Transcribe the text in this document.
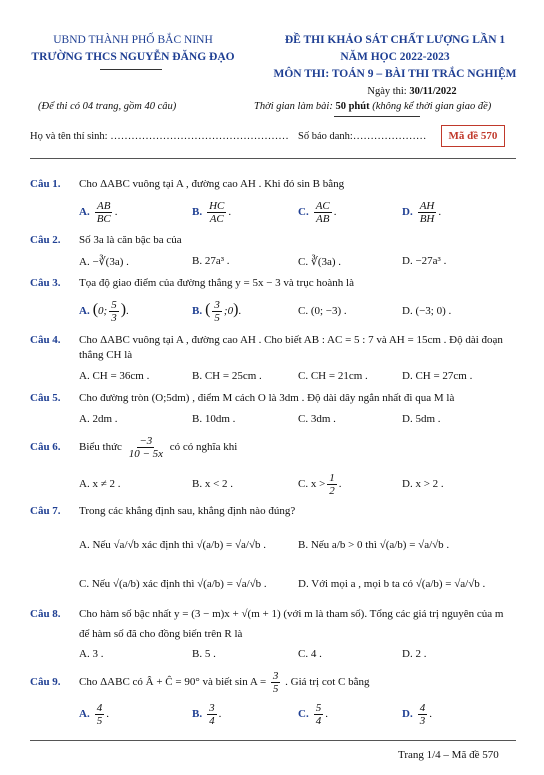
UBND THÀNH PHỐ BẮC NINH
TRƯỜNG THCS NGUYỄN ĐĂNG ĐẠO
ĐỀ THI KHẢO SÁT CHẤT LƯỢNG LẦN 1
NĂM HỌC 2022-2023
MÔN THI: TOÁN 9 – BÀI THI TRẮC NGHIỆM
Ngày thi: 30/11/2022
(Để thi có 04 trang, gồm 40 câu)	Thời gian làm bài: 50 phút (không kể thời gian giao đề)
Họ và tên thí sinh: …………………………………………… Số báo danh:………………… Mã đề 570
Câu 1. Cho ΔABC vuông tại A , đường cao AH . Khi đó sin B bằng
A. $\frac{AB}{BC}$ .	B. $\frac{HC}{AC}$ .	C. $\frac{AC}{AB}$ .	D. $\frac{AH}{BH}$ .
Câu 2. Số 3a là căn bậc ba của
A. −∛(3a) .	B. 27a³ .	C. ∛(3a) .	D. −27a³ .
Câu 3. Tọa độ giao điểm của đường thẳng y = 5x − 3 và trục hoành là
A. (0; $\frac{5}{3}$ ).	B. ( $\frac{3}{5}$ ;0).	C. (0; −3) .	D. (−3; 0) .
Câu 4. Cho ΔABC vuông tại A , đường cao AH . Cho biết AB : AC = 5 : 7 và AH = 15cm . Độ dài đoạn
thẳng CH là
A. CH = 36cm .	B. CH = 25cm .	C. CH = 21cm .	D. CH = 27cm .
Câu 5. Cho đường tròn (O;5dm) , điểm M cách O là 3dm . Độ dài dây ngắn nhất đi qua M là
A. 2dm .	B. 10dm .	C. 3dm .	D. 5dm .
Câu 6. Biểu thức $\frac{-3}{10 - 5x}$ có có nghĩa khi
A. x ≠ 2 .	B. x < 2 .	C. $x > \frac{1}{2}$ .	D. x > 2 .
Câu 7. Trong các khẳng định sau, khẳng định nào đúng?
A. Nếu √a/√b xác định thì √(a/b) = √a/√b .	B. Nếu a/b > 0 thì √(a/b) = √a/√b .
C. Nếu √(a/b) xác định thì √(a/b) = √a/√b .	D. Với mọi a , mọi b ta có √(a/b) = √a/√b .
Câu 8. Cho hàm số bậc nhất y = (3 − m)x + √(m + 1) (với m là tham số). Tổng các giá trị nguyên của m
để hàm số đã cho đồng biến trên R là
A. 3 .	B. 5 .	C. 4 .	D. 2 .
Câu 9. Cho ΔABC có Â + Ĉ = 90° và biết $\sin A = \frac{3}{5}$ . Giá trị cot C bằng
A. $\frac{4}{5}$ .	B. $\frac{3}{4}$ .	C. $\frac{5}{4}$ .	D. $\frac{4}{3}$ .
Trang 1/4 – Mã đề 570
